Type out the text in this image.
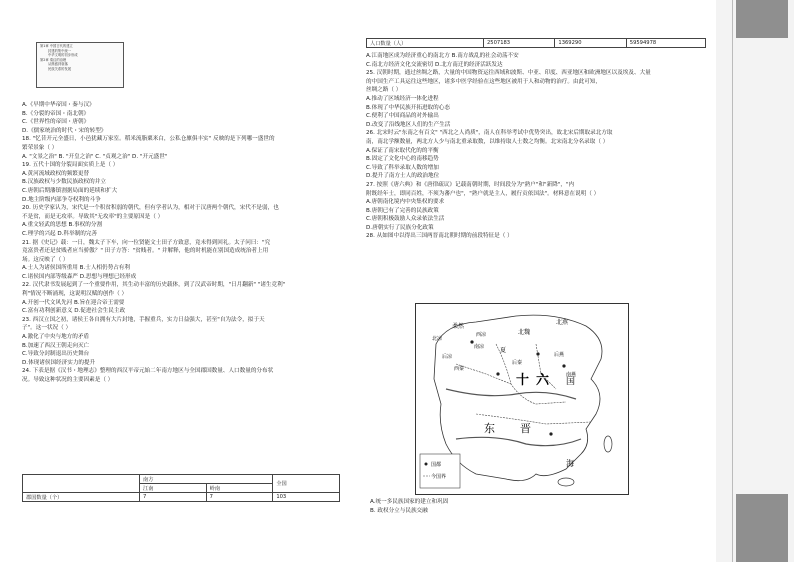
第1章 中国古代的建立
封建的集中统一
中华文明的初步形成
第2章 秦汉的治理
从鼎盛到衰落
民族关系的发展

A.《早期中华帝国・秦与汉》

B.《分裂的帝国・南北朝》

C.《世界性的帝国・唐朝》

D.《儒家统治的时代・宋的转型》

18. "忆昔开元全盛日，小邑犹藏万家室。稻米流脂粟米白，公私仓廪俱丰实" 反映的是下列哪一盛世的

繁荣景象（ ）

A. "文景之治" B. "开皇之治" C. "贞观之治" D. "开元盛世"

19. 五代十国的分裂局面实质上是（ ）

A.黄河流域政权的频繁更替

B.汉族政权与少数民族政权的并立

C.唐朝后期藩镇割据局面的延续和扩大

D.地主阶级内部争夺权利的斗争

20. 历史学家认为，宋代是一个积贫积弱的朝代，但有学者认为，相对于汉唐两个朝代，宋代不是弱，也

不是贫，而是无攻率。导致其"无攻率"的主要原因是（ ）

A.重文轻武的思想 B.事权的分割

C.理学的兴起 D.科举制的完善

21. 据《史记》载：一日，魏太子下车，向一位贤能文士田子方致意，竟未得到回礼。太子问曰："究

竟富贵者还是贫贱者应当骄傲？" 田子方答："贫贱者。" 并解释，他的时机能在别国造成统治者上用

场。这反映了（ ）

A.士人为诸侯国所重用 B.士人相仍势占有利

C.诸侯国内部等级森严 D.思想与理想已经形成

22. 汉代隶书发展起到了一个重要作用，其生动丰富的历史载体，到了汉武帝时期，"日月翻新" "诸生竞利"

利"情况不断涌现，这说明汉赋的创作（ ）

A.开创一代文风先河 B.旨在迎合帝王需要

C.富有功利创新意义 D.促进社会生民主政

23. 西汉立国之初，诸侯王各自拥有大片封地，手握重兵，实力日益强大，甚至"自为法令，拟于天

子"。这一状况（ ）

A.激化了中央与地方的矛盾

B.加速了西汉王朝走向灭亡

C.导致分封制退出历史舞台

D.体现诸侯国经济实力的提升

24. 下表是据《汉书・地理志》整理的西汉平帝元始二年南方地区与全国郡国数量、人口数量的分布状

况。导致这种状况的主要因素是（ ）

	南方		全国
	江南	岭南	
郡国数量（个）	7	7	103
人口数量（人）	2507183	1369290	59594978

A.江南地区成为经济重心的南北方 B.南方战乱的社会动荡不安

C.南北方经济文化交流密切 D.北方南迁的经济活跃发达

25. 汉朝时期，通过丝绸之路，大量的中国物资运往西域和波斯、中亚、印度、西亚地区和欧洲地区以及埃及、大量

的中国生产工具运往这些地区，诸多中医学经验在这些地区被用于人和动物的治疗。由此可知，

丝绸之路（ ）

A.推动了区域经济一体化进程

B.体现了中华民族开拓进取的心态

C.便利了中国商品的对外输出

D.改变了沿线地区人们的生产生活

26. 北宋时云"东南之有百文" "西北之人尚质"，南人在科举考试中优势突出，故北宋后期取录北方取

南，南北学额数量，两北方人少与南北重录取数，以维持取人士数之均衡。北宋南北分名录取（ ）

A.保证了南宋取代化的的平衡

B.固定了文化中心的南移趋势

C.导致了科举录取人数的增加

D.提升了南方士人的政治地位

27. 按照《唐六典》和《唐律疏议》记载南朝时期，时间段分为"熟户"和"新降"，"内

附既经年士，即同百姓，不须为蕃户也"，"熟户就是主人，履行贡依国法"。材料意在说明（ ）

A.唐朝南化境内中央集权的要求

B.唐朝已有了完善的民族政策

C.唐朝积极鼓励人众录依法生活

D.唐朝实行了民族分化政策

28. 从如图中以得出三国两晋南北朝时期的前段特征是（ ）

北燕
柔然
北魏
北凉
西凉
南凉
后燕
后凉
夏
西秦
后秦
南燕
十 六 国
东 晋
海
国都
今国界

A.统一多民族国家的建立和巩固

B. 政权分立与民族交融
